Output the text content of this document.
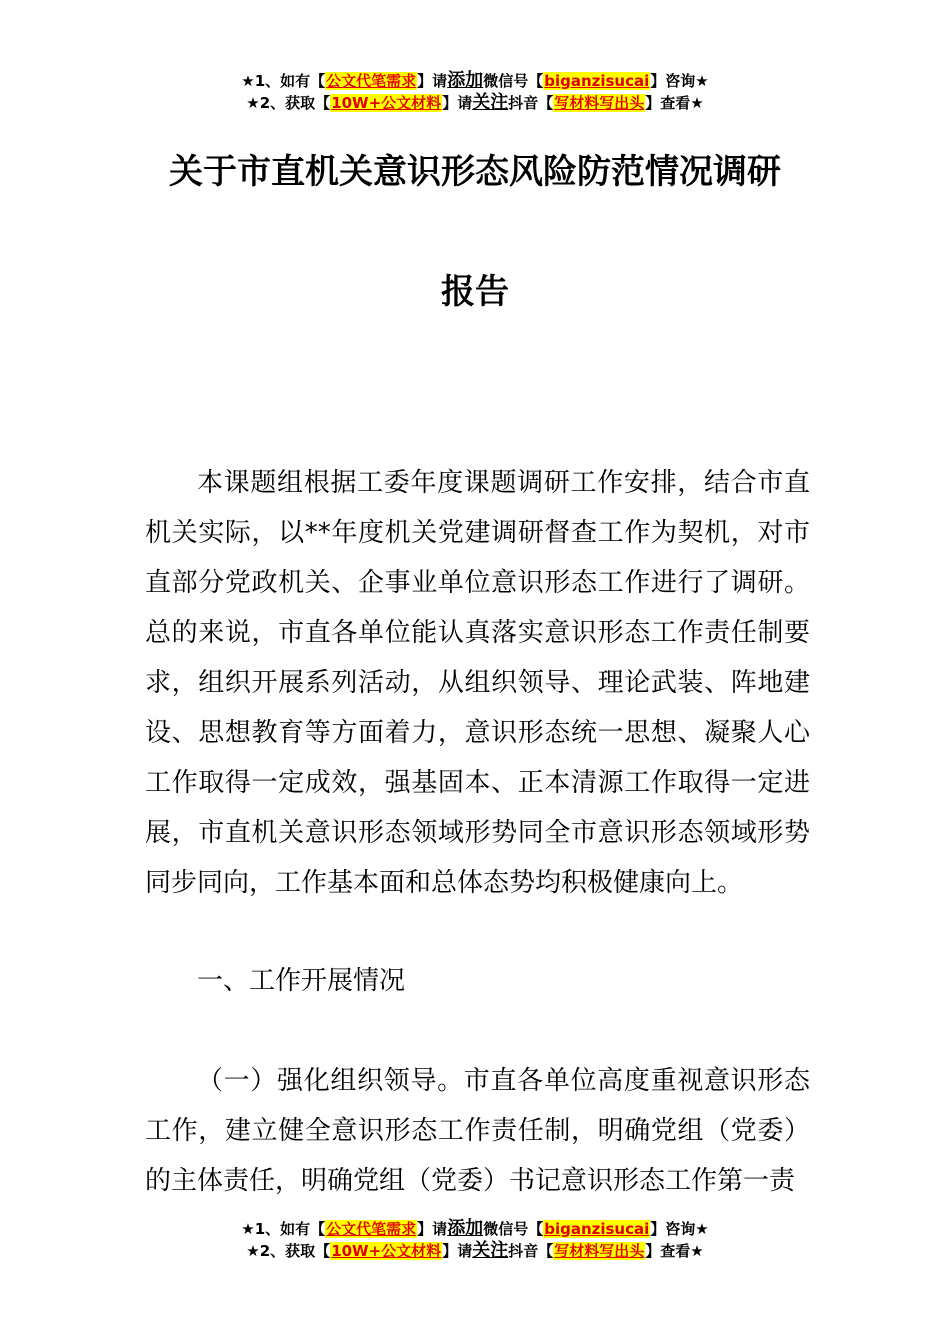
★1、如有【公文代笔需求】请添加微信号【biganzisucai】咨询★
★2、获取【10W+公文材料】请关注抖音【写材料写出头】查看★
关于市直机关意识形态风险防范情况调研
报告

本课题组根据工委年度课题调研工作安排，结合市直机关实际，以**年度机关党建调研督查工作为契机，对市直部分党政机关、企事业单位意识形态工作进行了调研。总的来说，市直各单位能认真落实意识形态工作责任制要求，组织开展系列活动，从组织领导、理论武装、阵地建设、思想教育等方面着力，意识形态统一思想、凝聚人心工作取得一定成效，强基固本、正本清源工作取得一定进展，市直机关意识形态领域形势同全市意识形态领域形势同步同向，工作基本面和总体态势均积极健康向上。

一、工作开展情况

（一）强化组织领导。市直各单位高度重视意识形态工作，建立健全意识形态工作责任制，明确党组（党委）的主体责任，明确党组（党委）书记意识形态工作第一责

★1、如有【公文代笔需求】请添加微信号【biganzisucai】咨询★
★2、获取【10W+公文材料】请关注抖音【写材料写出头】查看★
